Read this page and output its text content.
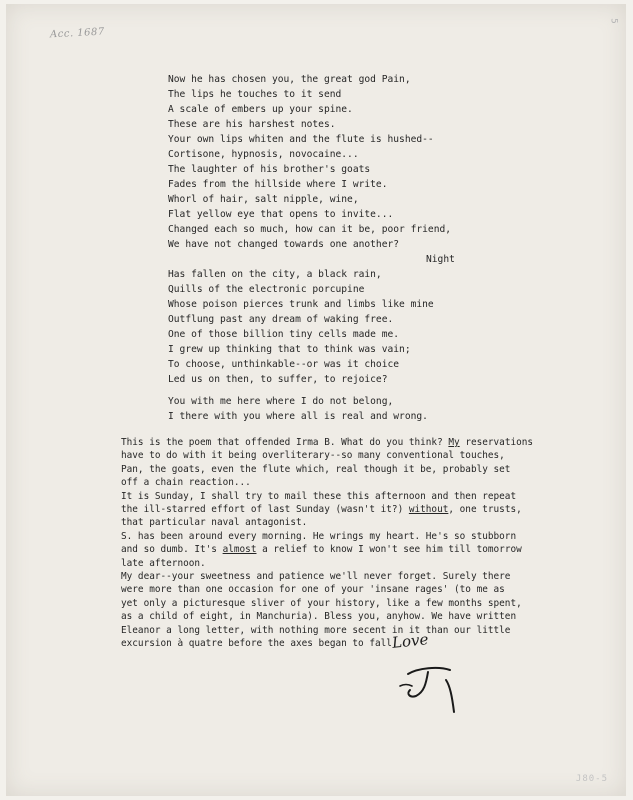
Acc. 1687
5

Now he has chosen you, the great god Pain,

The lips he touches to it send

A scale of embers up your spine.

These are his harshest notes.

Your own lips whiten and the flute is hushed--

Cortisone, hypnosis, novocaine...

The laughter of his brother's goats

Fades from the hillside where I write.

Whorl of hair, salt nipple, wine,

Flat yellow eye that opens to invite...

Changed each so much, how can it be, poor friend,

We have not changed towards one another?

Night

Has fallen on the city, a black rain,

Quills of the electronic porcupine

Whose poison pierces trunk and limbs like mine

Outflung past any dream of waking free.

One of those billion tiny cells made me.

I grew up thinking that to think was vain;

To choose, unthinkable--or was it choice

Led us on then, to suffer, to rejoice?

You with me here where I do not belong,

I there with you where all is real and wrong.

This is the poem that offended Irma B. What do you think? My reservations

have to do with it being overliterary--so many conventional touches,

Pan, the goats, even the flute which, real though it be, probably set

off a chain reaction...

It is Sunday, I shall try to mail these this afternoon and then repeat

the ill-starred effort of last Sunday (wasn't it?) without, one trusts,

that particular naval antagonist.

S. has been around every morning. He wrings my heart. He's so stubborn

and so dumb. It's almost a relief to know I won't see him till tomorrow

late afternoon.

My dear--your sweetness and patience we'll never forget. Surely there

were more than one occasion for one of your 'insane rages' (to me as

yet only a picturesque sliver of your history, like a few months spent,

as a child of eight, in Manchuria). Bless you, anyhow. We have written

Eleanor a long letter, with nothing more secent in it than our little

excursion à quatre before the axes began to fall.

Love
J80-5
